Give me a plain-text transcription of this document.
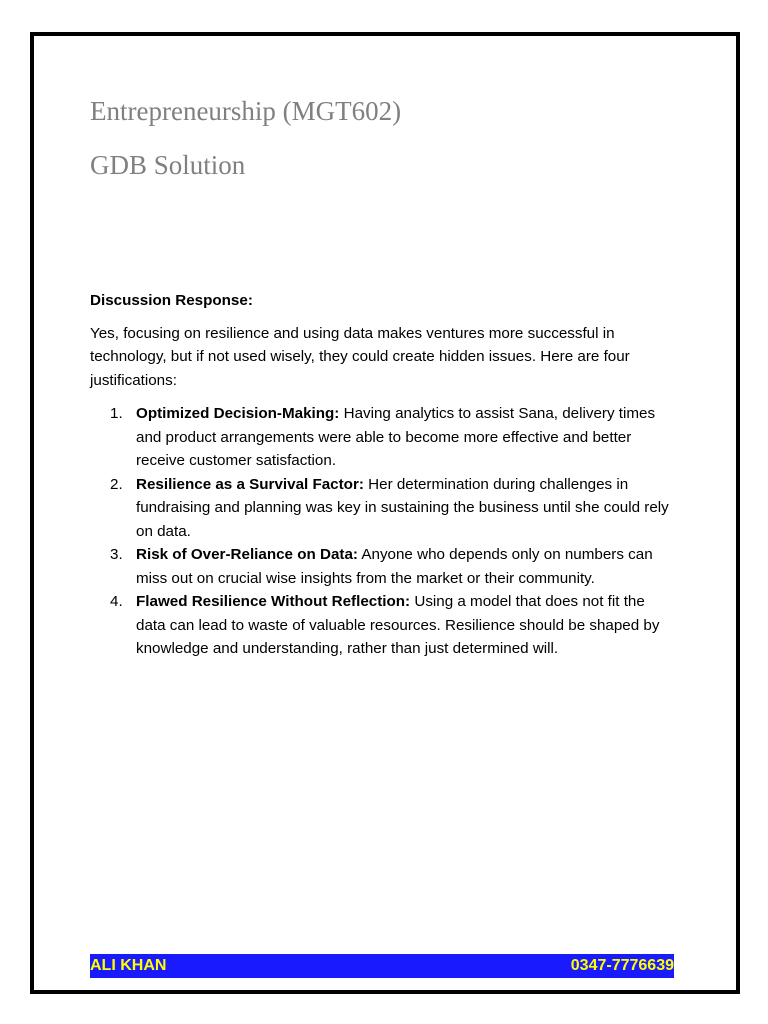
Entrepreneurship (MGT602)
GDB Solution

Discussion Response:

Yes, focusing on resilience and using data makes ventures more successful in technology, but if not used wisely, they could create hidden issues. Here are four justifications:

1. Optimized Decision-Making: Having analytics to assist Sana, delivery times and product arrangements were able to become more effective and better receive customer satisfaction.
2. Resilience as a Survival Factor: Her determination during challenges in fundraising and planning was key in sustaining the business until she could rely on data.
3. Risk of Over-Reliance on Data: Anyone who depends only on numbers can miss out on crucial wise insights from the market or their community.
4. Flawed Resilience Without Reflection: Using a model that does not fit the data can lead to waste of valuable resources. Resilience should be shaped by knowledge and understanding, rather than just determined will.
ALI KHAN	0347-7776639
